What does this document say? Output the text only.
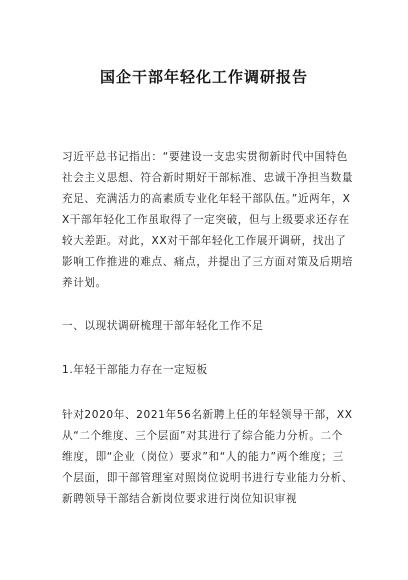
国企干部年轻化工作调研报告

习近平总书记指出：“要建设一支忠实贯彻新时代中国特色社会主义思想、符合新时期好干部标准、忠诚干净担当数量充足、充满活力的高素质专业化年轻干部队伍。”近两年，XX干部年轻化工作虽取得了一定突破，但与上级要求还存在较大差距。对此，XX对干部年轻化工作展开调研，找出了影响工作推进的难点、痛点，并提出了三方面对策及后期培养计划。

一、以现状调研梳理干部年轻化工作不足
1.年轻干部能力存在一定短板

针对2020年、2021年56名新聘上任的年轻领导干部，XX从“二个维度、三个层面”对其进行了综合能力分析。二个维度，即“企业（岗位）要求”和“人的能力”两个维度；三个层面，即干部管理室对照岗位说明书进行专业能力分析、新聘领导干部结合新岗位要求进行岗位知识审视
